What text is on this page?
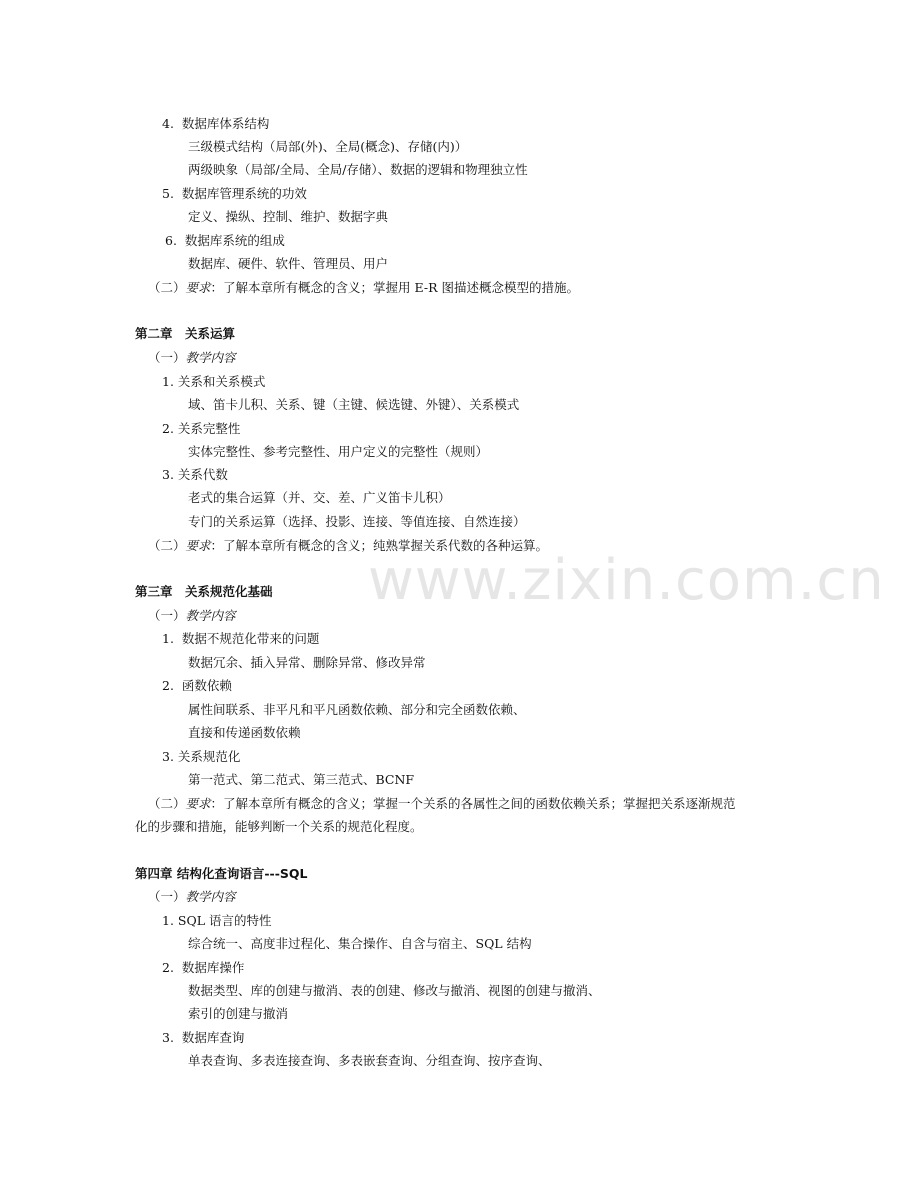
www.zixin.com.cn
4. 数据库体系结构
三级模式结构（局部(外)、全局(概念)、存储(内)）
两级映象（局部/全局、全局/存储）、数据的逻辑和物理独立性
5. 数据库管理系统的功效
定义、操纵、控制、维护、数据字典
6. 数据库系统的组成
数据库、硬件、软件、管理员、用户
（二）要求：了解本章所有概念的含义；掌握用 E-R 图描述概念模型的措施。
第二章　关系运算
（一）教学内容
1. 关系和关系模式
域、笛卡儿积、关系、键（主键、候选键、外键）、关系模式
2. 关系完整性
实体完整性、参考完整性、用户定义的完整性（规则）
3. 关系代数
老式的集合运算（并、交、差、广义笛卡儿积）
专门的关系运算（选择、投影、连接、等值连接、自然连接）
（二）要求：了解本章所有概念的含义；纯熟掌握关系代数的各种运算。
第三章　关系规范化基础
（一）教学内容
1. 数据不规范化带来的问题
数据冗余、插入异常、删除异常、修改异常
2. 函数依赖
属性间联系、非平凡和平凡函数依赖、部分和完全函数依赖、
直接和传递函数依赖
3. 关系规范化
第一范式、第二范式、第三范式、BCNF
（二）要求：了解本章所有概念的含义；掌握一个关系的各属性之间的函数依赖关系；掌握把关系逐渐规范
化的步骤和措施，能够判断一个关系的规范化程度。
第四章 结构化查询语言---SQL
（一）教学内容
1. SQL 语言的特性
综合统一、高度非过程化、集合操作、自含与宿主、SQL 结构
2. 数据库操作
数据类型、库的创建与撤消、表的创建、修改与撤消、视图的创建与撤消、
索引的创建与撤消
3. 数据库查询
单表查询、多表连接查询、多表嵌套查询、分组查询、按序查询、
